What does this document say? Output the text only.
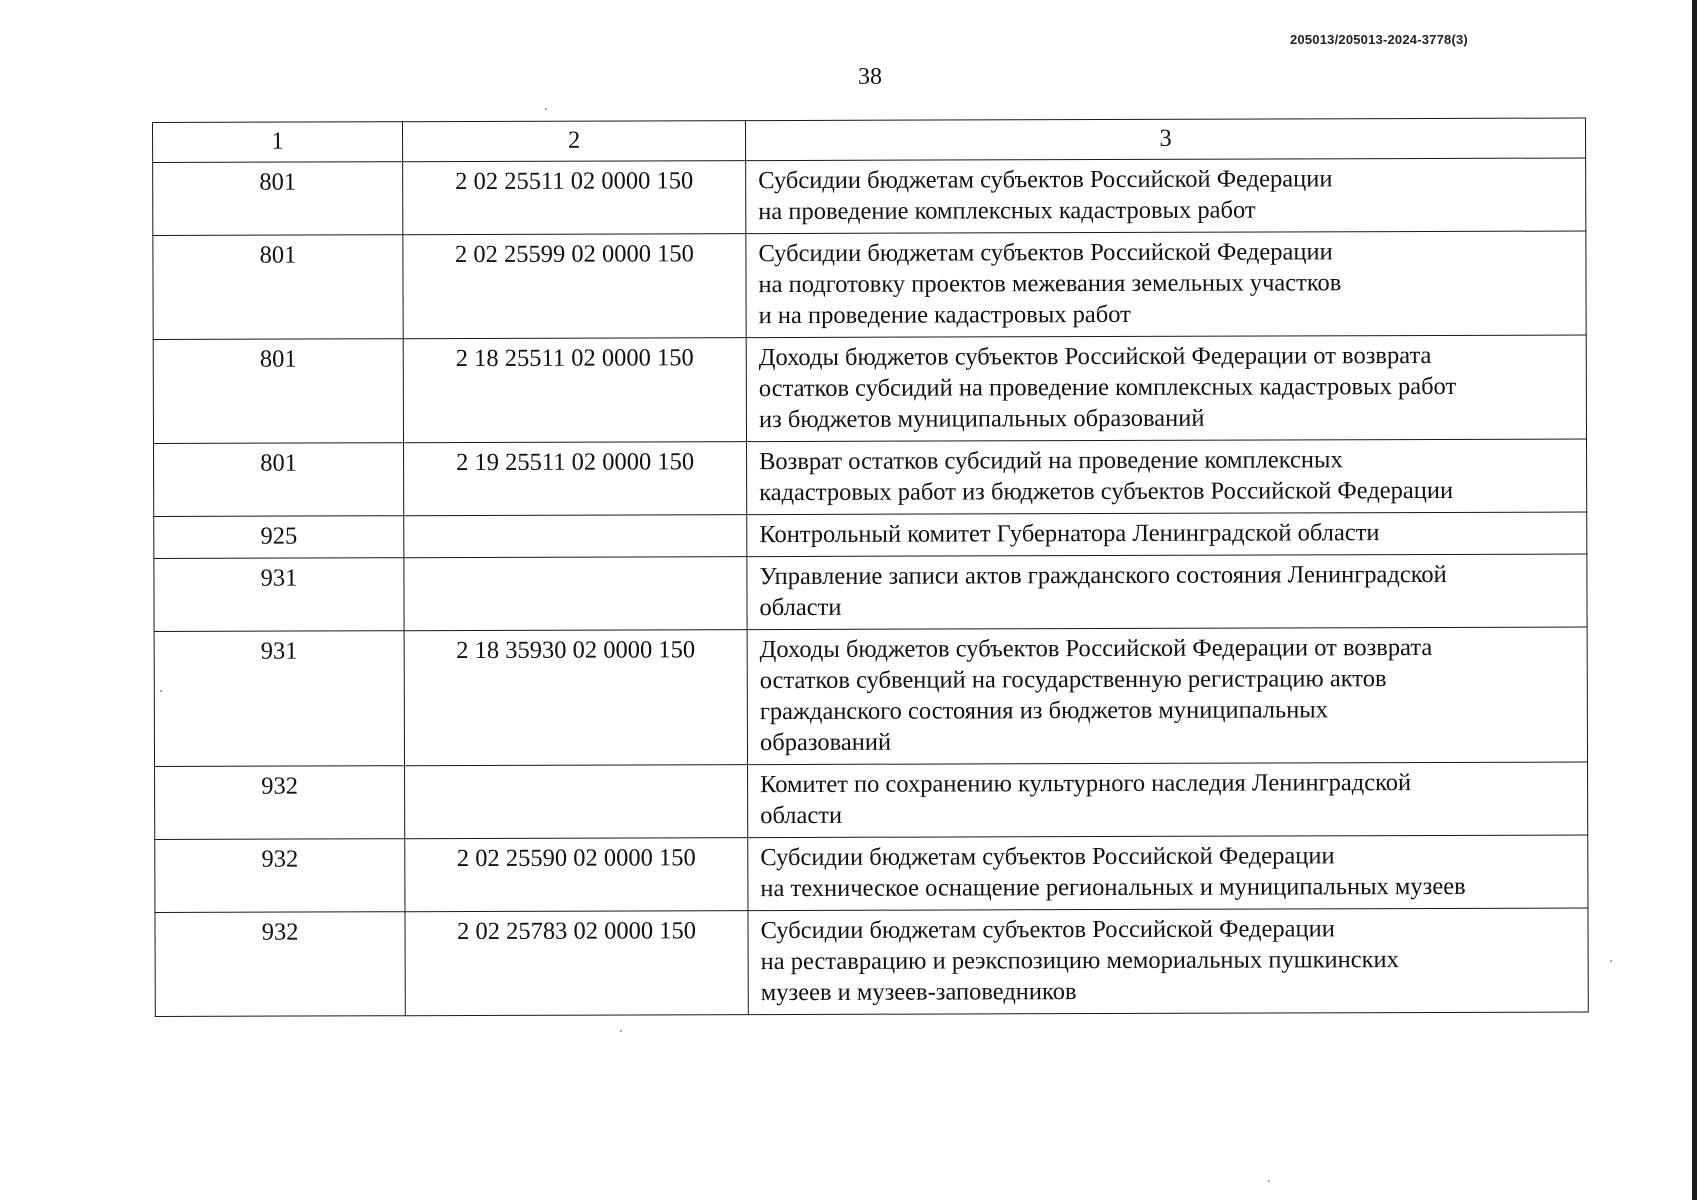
205013/205013-2024-3778(3)
38
1	2	3
801	2 02 25511 02 0000 150	Субсидии бюджетам субъектов Российской Федерации
на проведение комплексных кадастровых работ

801	2 02 25599 02 0000 150	Субсидии бюджетам субъектов Российской Федерации
на подготовку проектов межевания земельных участков
и на проведение кадастровых работ

801	2 18 25511 02 0000 150	Доходы бюджетов субъектов Российской Федерации от возврата
остатков субсидий на проведение комплексных кадастровых работ
из бюджетов муниципальных образований

801	2 19 25511 02 0000 150	Возврат остатков субсидий на проведение комплексных
кадастровых работ из бюджетов субъектов Российской Федерации

925		Контрольный комитет Губернатора Ленинградской области

931		Управление записи актов гражданского состояния Ленинградской
области

931	2 18 35930 02 0000 150	Доходы бюджетов субъектов Российской Федерации от возврата
остатков субвенций на государственную регистрацию актов
гражданского состояния из бюджетов муниципальных
образований

932		Комитет по сохранению культурного наследия Ленинградской
области

932	2 02 25590 02 0000 150	Субсидии бюджетам субъектов Российской Федерации
на техническое оснащение региональных и муниципальных музеев

932	2 02 25783 02 0000 150	Субсидии бюджетам субъектов Российской Федерации
на реставрацию и реэкспозицию мемориальных пушкинских
музеев и музеев-заповедников
